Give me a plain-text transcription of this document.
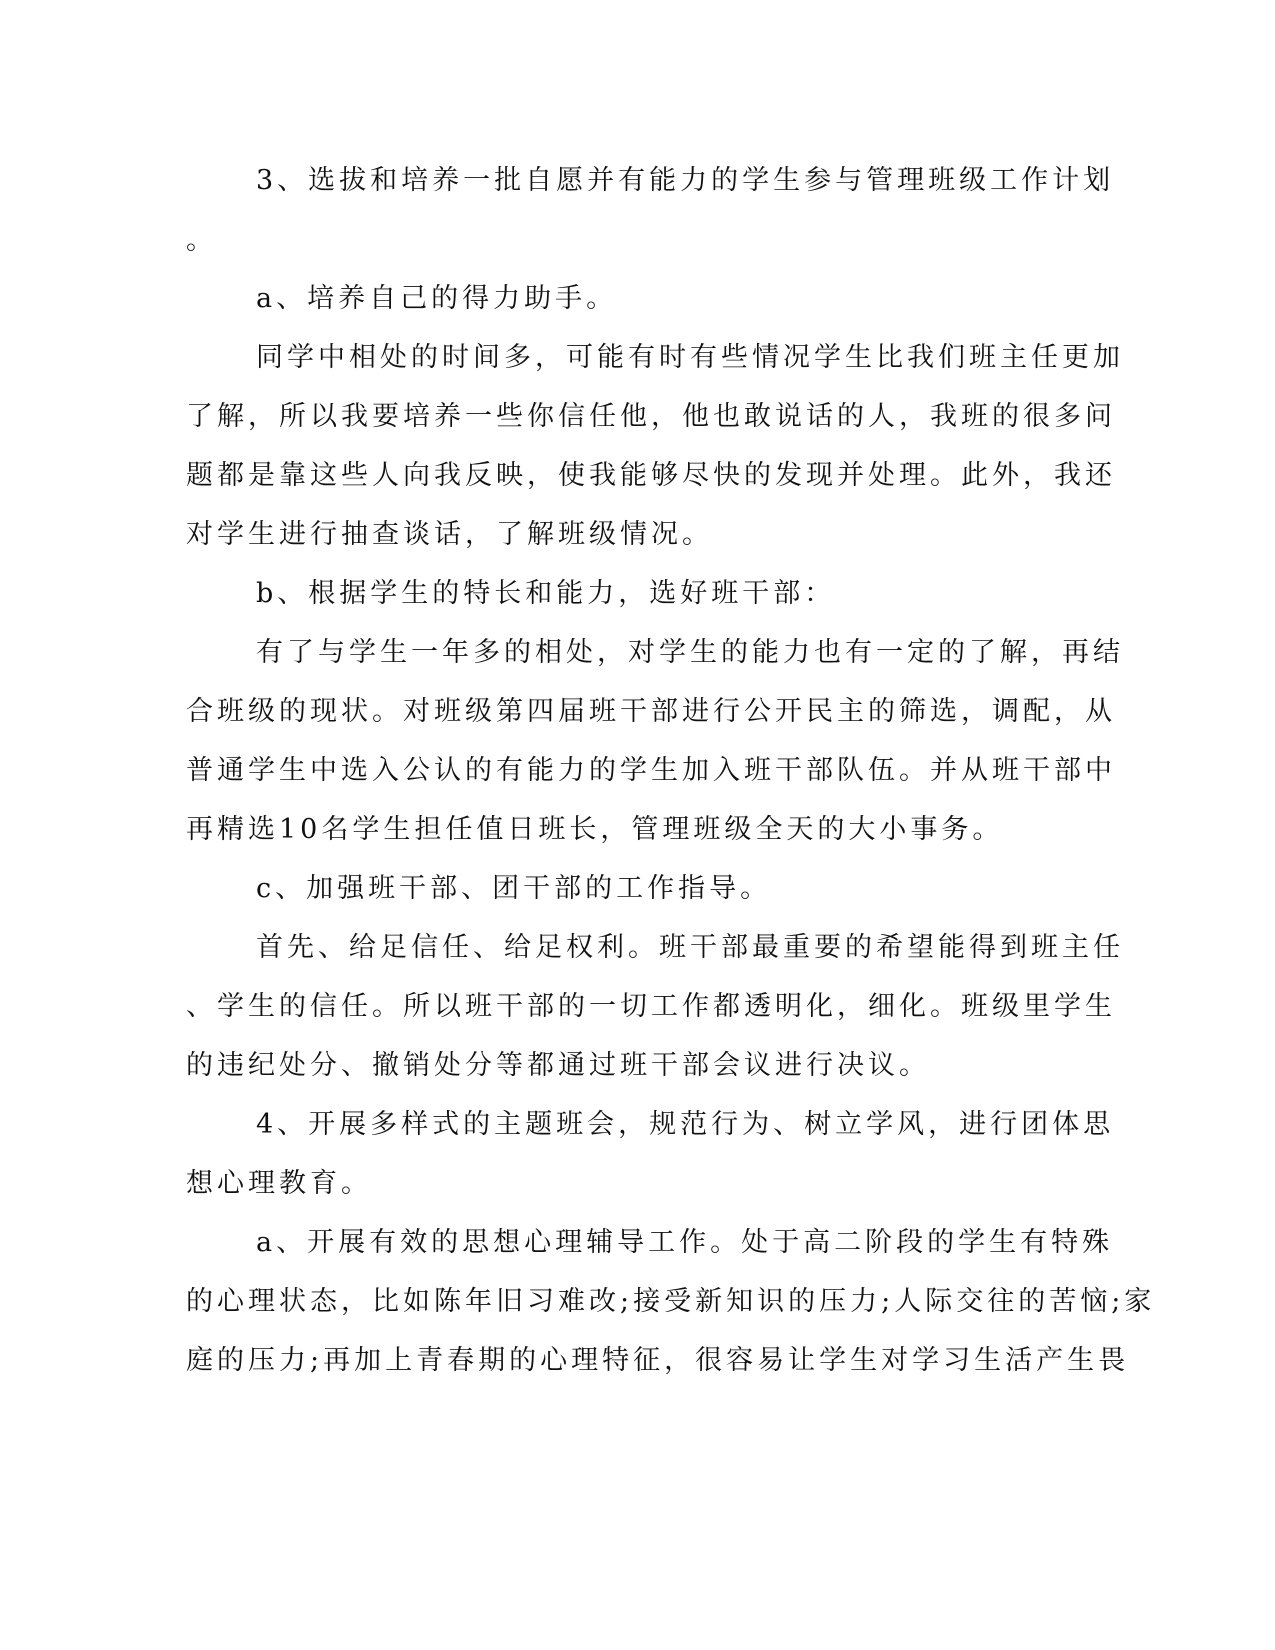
3、选拔和培养一批自愿并有能力的学生参与管理班级工作计划
。
a、培养自己的得力助手。
同学中相处的时间多，可能有时有些情况学生比我们班主任更加
了解，所以我要培养一些你信任他，他也敢说话的人，我班的很多问
题都是靠这些人向我反映，使我能够尽快的发现并处理。此外，我还
对学生进行抽查谈话，了解班级情况。
b、根据学生的特长和能力，选好班干部：
有了与学生一年多的相处，对学生的能力也有一定的了解，再结
合班级的现状。对班级第四届班干部进行公开民主的筛选，调配，从
普通学生中选入公认的有能力的学生加入班干部队伍。并从班干部中
再精选10名学生担任值日班长，管理班级全天的大小事务。
c、加强班干部、团干部的工作指导。
首先、给足信任、给足权利。班干部最重要的希望能得到班主任
、学生的信任。所以班干部的一切工作都透明化，细化。班级里学生
的违纪处分、撤销处分等都通过班干部会议进行决议。
4、开展多样式的主题班会，规范行为、树立学风，进行团体思
想心理教育。
a、开展有效的思想心理辅导工作。处于高二阶段的学生有特殊
的心理状态，比如陈年旧习难改;接受新知识的压力;人际交往的苦恼;家
庭的压力;再加上青春期的心理特征，很容易让学生对学习生活产生畏
